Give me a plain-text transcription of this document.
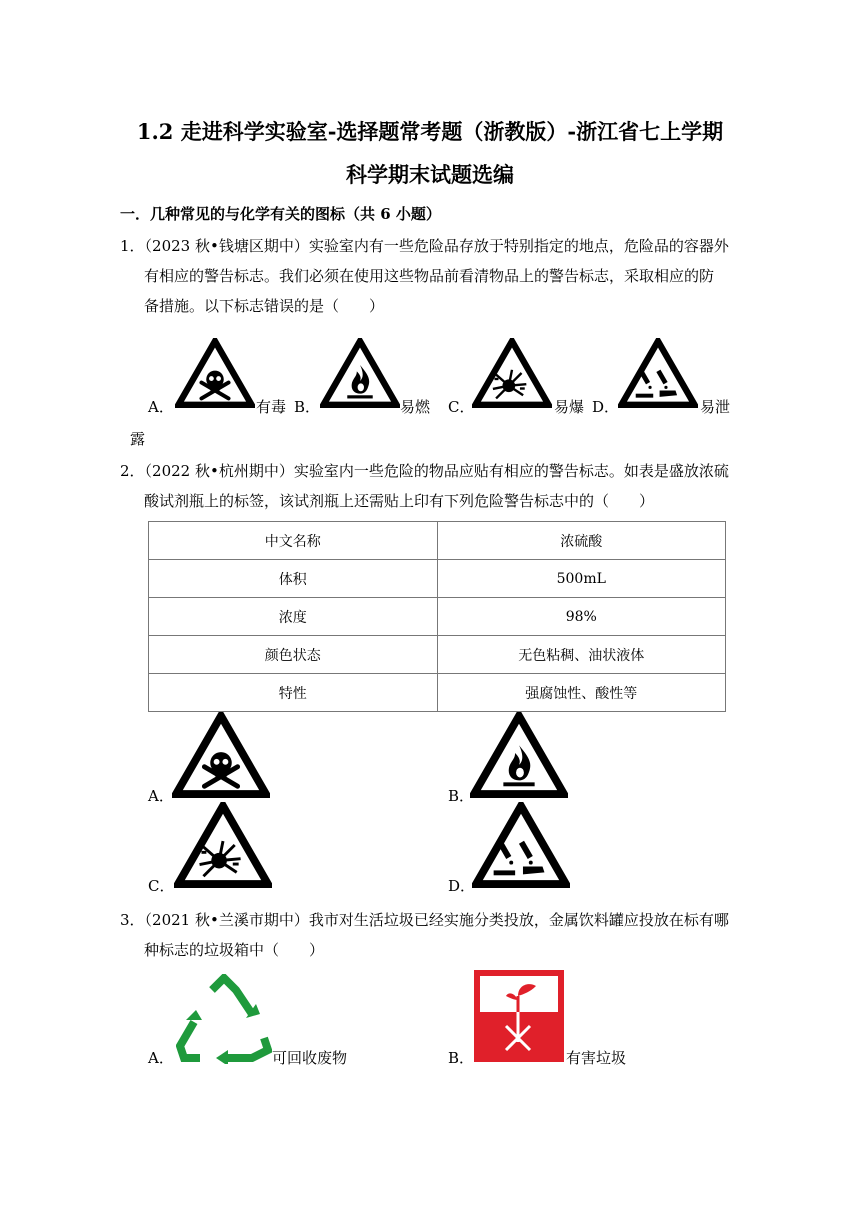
1.2 走进科学实验室-选择题常考题（浙教版）-浙江省七上学期
科学期末试题选编
一．几种常见的与化学有关的图标（共 6 小题）
1．（2023 秋•钱塘区期中）实验室内有一些危险品存放于特别指定的地点，危险品的容器外
有相应的警告标志。我们必须在使用这些物品前看清物品上的警告标志，采取相应的防
备措施。以下标志错误的是（　　）
A．	有毒 B．	易燃 C．	易爆 D．	易泄
露
2．（2022 秋•杭州期中）实验室内一些危险的物品应贴有相应的警告标志。如表是盛放浓硫
酸试剂瓶上的标签，该试剂瓶上还需贴上印有下列危险警告标志中的（　　）
中文名称	浓硫酸
体积	500mL
浓度	98%
颜色状态	无色粘稠、油状液体
特性	强腐蚀性、酸性等
A．	B．
C．	D．
3．（2021 秋•兰溪市期中）我市对生活垃圾已经实施分类投放，金属饮料罐应投放在标有哪
种标志的垃圾箱中（　　）
A．	可回收废物	B．	有害垃圾
